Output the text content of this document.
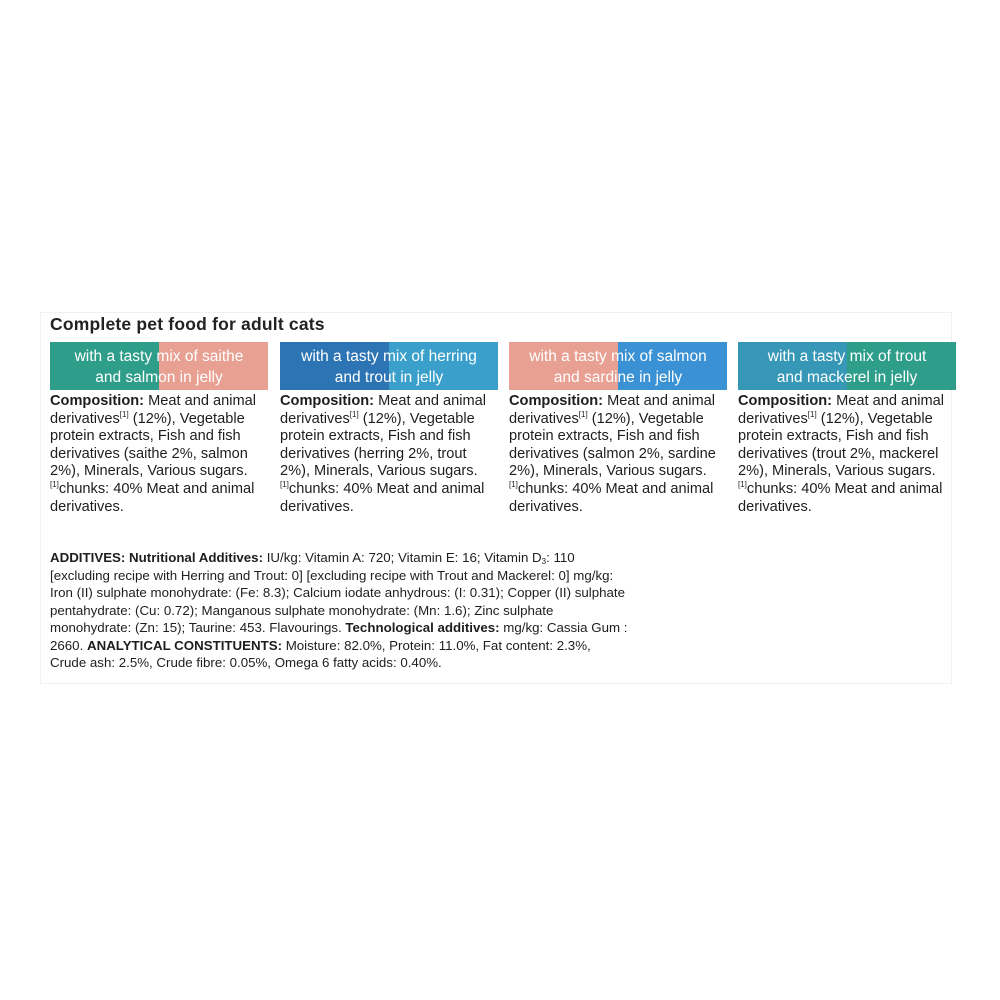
Complete pet food for adult cats
with a tasty mix of saithe
and salmon in jelly

Composition: Meat and animal derivatives[1] (12%), Vegetable protein extracts, Fish and fish derivatives (saithe 2%, salmon 2%), Minerals, Various sugars.
[1]chunks: 40% Meat and animal derivatives.

with a tasty mix of herring
and trout in jelly

Composition: Meat and animal derivatives[1] (12%), Vegetable protein extracts, Fish and fish derivatives (herring 2%, trout 2%), Minerals, Various sugars.
[1]chunks: 40% Meat and animal derivatives.

with a tasty mix of salmon
and sardine in jelly

Composition: Meat and animal derivatives[1] (12%), Vegetable protein extracts, Fish and fish derivatives (salmon 2%, sardine 2%), Minerals, Various sugars.
[1]chunks: 40% Meat and animal derivatives.

with a tasty mix of trout
and mackerel in jelly

Composition: Meat and animal derivatives[1] (12%), Vegetable protein extracts, Fish and fish derivatives (trout 2%, mackerel 2%), Minerals, Various sugars.
[1]chunks: 40% Meat and animal derivatives.

ADDITIVES: Nutritional Additives: IU/kg: Vitamin A: 720; Vitamin E: 16; Vitamin $D_3$: 110 [excluding recipe with Herring and Trout: 0] [excluding recipe with Trout and Mackerel: 0] mg/kg: Iron (II) sulphate monohydrate: (Fe: 8.3); Calcium iodate anhydrous: (I: 0.31); Copper (II) sulphate pentahydrate: (Cu: 0.72); Manganous sulphate monohydrate: (Mn: 1.6); Zinc sulphate monohydrate: (Zn: 15); Taurine: 453. Flavourings. Technological additives: mg/kg: Cassia Gum : 2660. ANALYTICAL CONSTITUENTS: Moisture: 82.0%, Protein: 11.0%, Fat content: 2.3%, Crude ash: 2.5%, Crude fibre: 0.05%, Omega 6 fatty acids: 0.40%.
